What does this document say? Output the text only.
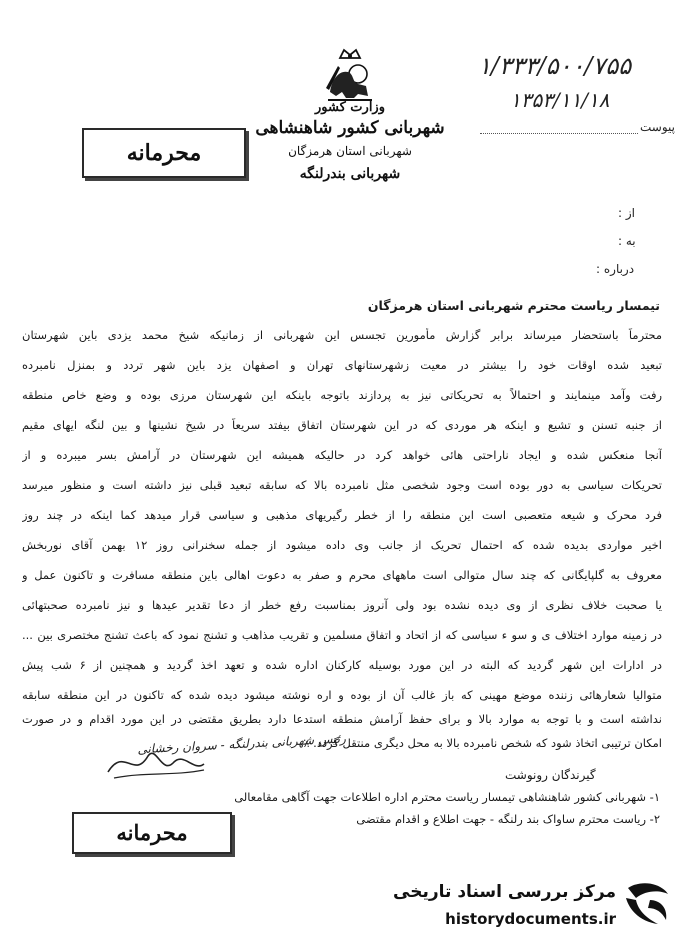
وزارت کشور
شهربانی کشور شاهنشاهی
شهربانی استان هرمزگان
شهربانی بندرلنگه
محرمانه
۱/۳۳۳/۵۰۰/۷۵۵
۱۳۵۳/۱۱/۱۸
پیوست
از :
به :
درباره :
تیمسار ریاست محترم شهربانی استان هرمزگان
محترماً باستحضار میرساند برابر گزارش مأمورین تجسس این شهربانی از زمانیکه شیخ محمد یزدی باین شهرستان
تبعید شده اوقات خود را بیشتر در معیت زشهرستانهای تهران و اصفهان یزد باین شهر تردد و بمنزل نامبرده
رفت وآمد مینمایند و احتمالاً به تحریکاتی نیز به پردازند باتوجه باینکه این شهرستان مرزی بوده و وضع خاص منطقه
از جنبه تسنن و تشیع و اینکه هر موردی که در این شهرستان اتفاق بیفتد سریعاً در شیخ نشینها و بین لنگه ایهای مقیم
آنجا منعکس شده و ایجاد ناراحتی هائی خواهد کرد در حالیکه همیشه این شهرستان در آرامش بسر میبرده و از
تحریکات سیاسی به دور بوده است وجود شخصی مثل نامبرده بالا که سابقه تبعید قبلی نیز داشته است و منظور میرسد
فرد محرک و شیعه متعصبی است این منطقه را از خطر رگیریهای مذهبی و سیاسی قرار میدهد کما اینکه در چند روز
اخیر مواردی بدیده شده که احتمال تحریک از جانب وی داده میشود از جمله سخنرانی روز ۱۲ بهمن آقای نوربخش
معروف به گلپایگانی که چند سال متوالی است ماههای محرم و صفر به دعوت اهالی باین منطقه مسافرت و تاکنون عمل و
یا صحبت خلاف نظری از وی دیده نشده بود ولی آنروز بمناسبت رفع خطر از دعا تقدیر عیدها و نیز نامبرده صحبتهائی
در زمینه موارد اختلاف ی و سو ء سیاسی که از اتحاد و اتفاق مسلمین و تقریب مذاهب و تشنج نمود که باعث تشنج مختصری بین ...
در ادارات این شهر گردید که البته در این مورد بوسیله کارکنان اداره شده و تعهد اخذ گردید و همچنین از ۶ شب پیش
متوالیا شعارهائی زننده موضع مهینی که باز غالب آن از بوده و اره نوشته میشود دیده شده که تاکنون در این منطقه سابقه
نداشته است و با توجه به موارد بالا و برای حفظ آرامش منطقه استدعا دارد بطریق مقتضی در این مورد اقدام و در صورت
امکان ترتیبی اتخاذ شود که شخص نامبرده بالا به محل دیگری منتقل گردد. ٪
رئیس شهربانی بندرلنگه - سروان رخشانی
گیرندگان رونوشت
۱- شهربانی کشور شاهنشاهی تیمسار ریاست محترم اداره اطلاعات جهت آگاهی مقامعالی
۲- ریاست محترم ساواک بند رلنگه - جهت اطلاع و اقدام مقتضی
محرمانه
مرکز بررسی اسناد تاریخی
historydocuments.ir
